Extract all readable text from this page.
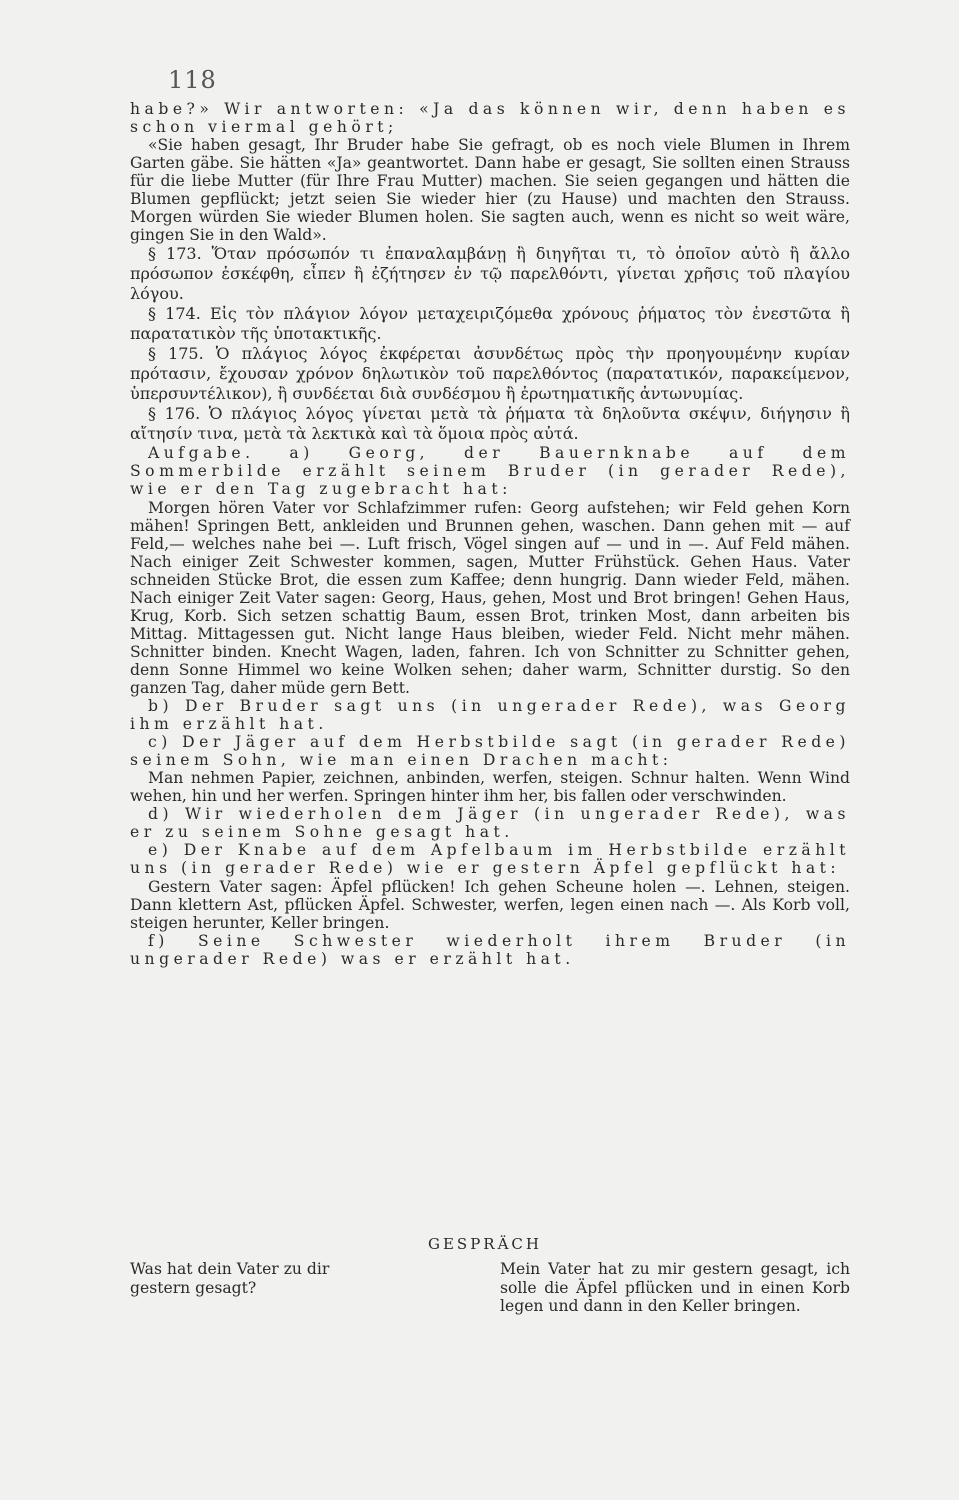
118

habe?» Wir antworten: «Ja das können wir, denn haben es schon viermal gehört;

«Sie haben gesagt, Ihr Bruder habe Sie gefragt, ob es noch viele Blumen in Ihrem Garten gäbe. Sie hätten «Ja» geantwortet. Dann habe er gesagt, Sie sollten einen Strauss für die liebe Mutter (für Ihre Frau Mutter) machen. Sie seien gegangen und hätten die Blumen gepflückt; jetzt seien Sie wieder hier (zu Hause) und machten den Strauss. Morgen würden Sie wieder Blumen holen. Sie sagten auch, wenn es nicht so weit wäre, gingen Sie in den Wald».

§ 173. Ὅταν πρόσωπόν τι ἐπαναλαμβάνῃ ἢ διηγῆται τι, τὸ ὁποῖον αὐτὸ ἢ ἄλλο πρόσωπον ἐσκέφθη, εἶπεν ἢ ἐζήτησεν ἐν τῷ παρελθόντι, γίνεται χρῆσις τοῦ πλαγίου λόγου.

§ 174. Εἰς τὸν πλάγιον λόγον μεταχειριζόμεθα χρόνους ῥήματος τὸν ἐνεστῶτα ἢ παρατατικὸν τῆς ὑποτακτικῆς.

§ 175. Ὁ πλάγιος λόγος ἐκφέρεται ἀσυνδέτως πρὸς τὴν προηγουμένην κυρίαν πρότασιν, ἔχουσαν χρόνον δηλωτικὸν τοῦ παρελθόντος (παρατατικόν, παρακείμενον, ὑπερσυντέλικον), ἢ συνδέεται διὰ συνδέσμου ἢ ἐρωτηματικῆς ἀντωνυμίας.

§ 176. Ὁ πλάγιος λόγος γίνεται μετὰ τὰ ῥήματα τὰ δηλοῦντα σκέψιν, διήγησιν ἢ αἴτησίν τινα, μετὰ τὰ λεκτικὰ καὶ τὰ ὅμοια πρὸς αὐτά.

Aufgabe. a) Georg, der Bauernknabe auf dem Sommerbilde erzählt seinem Bruder (in gerader Rede), wie er den Tag zugebracht hat:

Morgen hören Vater vor Schlafzimmer rufen: Georg aufstehen; wir Feld gehen Korn mähen! Springen Bett, ankleiden und Brunnen gehen, waschen. Dann gehen mit — auf Feld,— welches nahe bei —. Luft frisch, Vögel singen auf — und in —. Auf Feld mähen. Nach einiger Zeit Schwester kommen, sagen, Mutter Frühstück. Gehen Haus. Vater schneiden Stücke Brot, die essen zum Kaffee; denn hungrig. Dann wieder Feld, mähen. Nach einiger Zeit Vater sagen: Georg, Haus, gehen, Most und Brot bringen! Gehen Haus, Krug, Korb. Sich setzen schattig Baum, essen Brot, trinken Most, dann arbeiten bis Mittag. Mittagessen gut. Nicht lange Haus bleiben, wieder Feld. Nicht mehr mähen. Schnitter binden. Knecht Wagen, laden, fahren. Ich von Schnitter zu Schnitter gehen, denn Sonne Himmel wo keine Wolken sehen; daher warm, Schnitter durstig. So den ganzen Tag, daher müde gern Bett.

b) Der Bruder sagt uns (in ungerader Rede), was Georg ihm erzählt hat.

c) Der Jäger auf dem Herbstbilde sagt (in gerader Rede) seinem Sohn, wie man einen Drachen macht:

Man nehmen Papier, zeichnen, anbinden, werfen, steigen. Schnur halten. Wenn Wind wehen, hin und her werfen. Springen hinter ihm her, bis fallen oder verschwinden.

d) Wir wiederholen dem Jäger (in ungerader Rede), was er zu seinem Sohne gesagt hat.

e) Der Knabe auf dem Apfelbaum im Herbstbilde erzählt uns (in gerader Rede) wie er gestern Äpfel gepflückt hat:

Gestern Vater sagen: Äpfel pflücken! Ich gehen Scheune holen —. Lehnen, steigen. Dann klettern Ast, pflücken Äpfel. Schwester, werfen, legen einen nach —. Als Korb voll, steigen herunter, Keller bringen.

f) Seine Schwester wiederholt ihrem Bruder (in ungerader Rede) was er erzählt hat.

GESPRÄCH

Was hat dein Vater zu dir gestern gesagt?

Mein Vater hat zu mir gestern gesagt, ich solle die Äpfel pflücken und in einen Korb legen und dann in den Keller bringen.
